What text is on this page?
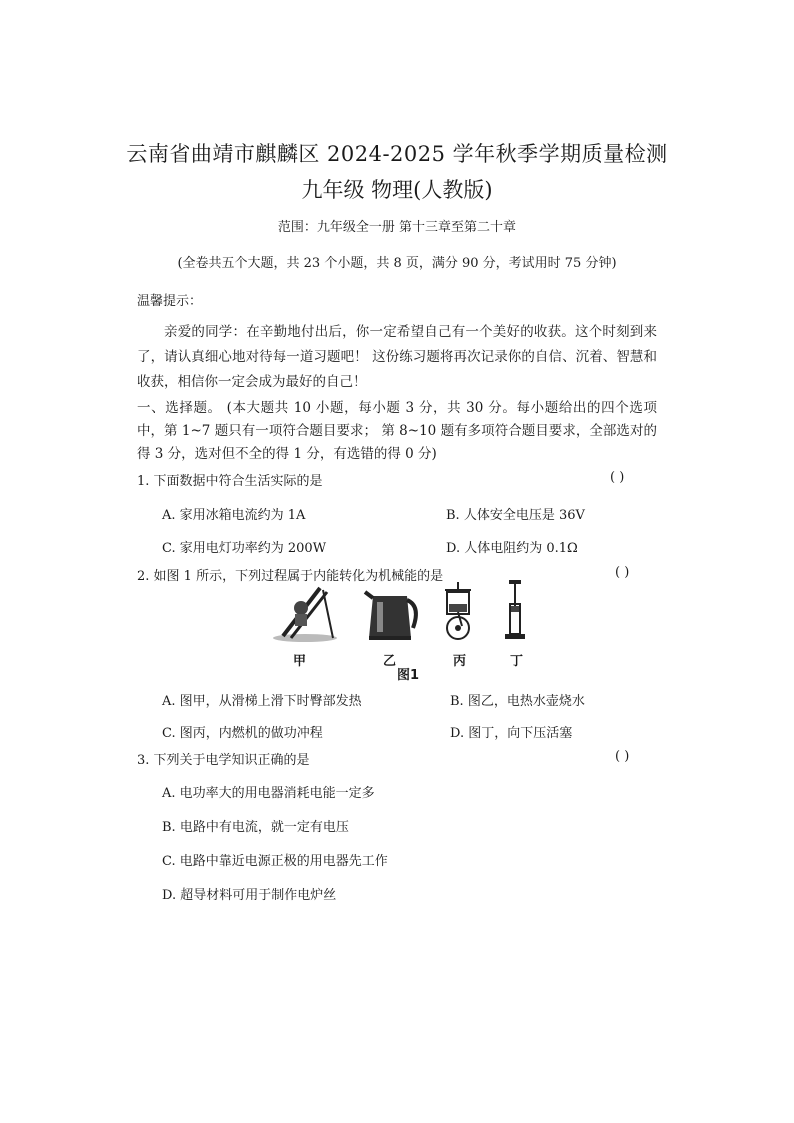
云南省曲靖市麒麟区 2024-2025 学年秋季学期质量检测
九年级 物理(人教版)
范围：九年级全一册 第十三章至第二十章
(全卷共五个大题，共 23 个小题，共 8 页，满分 90 分，考试用时 75 分钟)
温馨提示：
亲爱的同学：在辛勤地付出后，你一定希望自己有一个美好的收获。这个时刻到来了，请认真细心地对待每一道习题吧！ 这份练习题将再次记录你的自信、沉着、智慧和收获，相信你一定会成为最好的自己！
一、选择题。 (本大题共 10 小题，每小题 3 分，共 30 分。每小题给出的四个选项中，第 1~7 题只有一项符合题目要求； 第 8~10 题有多项符合题目要求，全部选对的得 3 分，选对但不全的得 1 分，有选错的得 0 分)
1. 下面数据中符合生活实际的是	( )
A. 家用冰箱电流约为 1A	B. 人体安全电压是 36V
C. 家用电灯功率约为 200W	D. 人体电阻约为 0.1Ω
2. 如图 1 所示，下列过程属于内能转化为机械能的是	( )
甲	乙	丙	丁
图1
A. 图甲，从滑梯上滑下时臀部发热	B. 图乙，电热水壶烧水
C. 图丙，内燃机的做功冲程	D. 图丁，向下压活塞
3. 下列关于电学知识正确的是	( )
A. 电功率大的用电器消耗电能一定多
B. 电路中有电流，就一定有电压
C. 电路中靠近电源正极的用电器先工作
D. 超导材料可用于制作电炉丝
